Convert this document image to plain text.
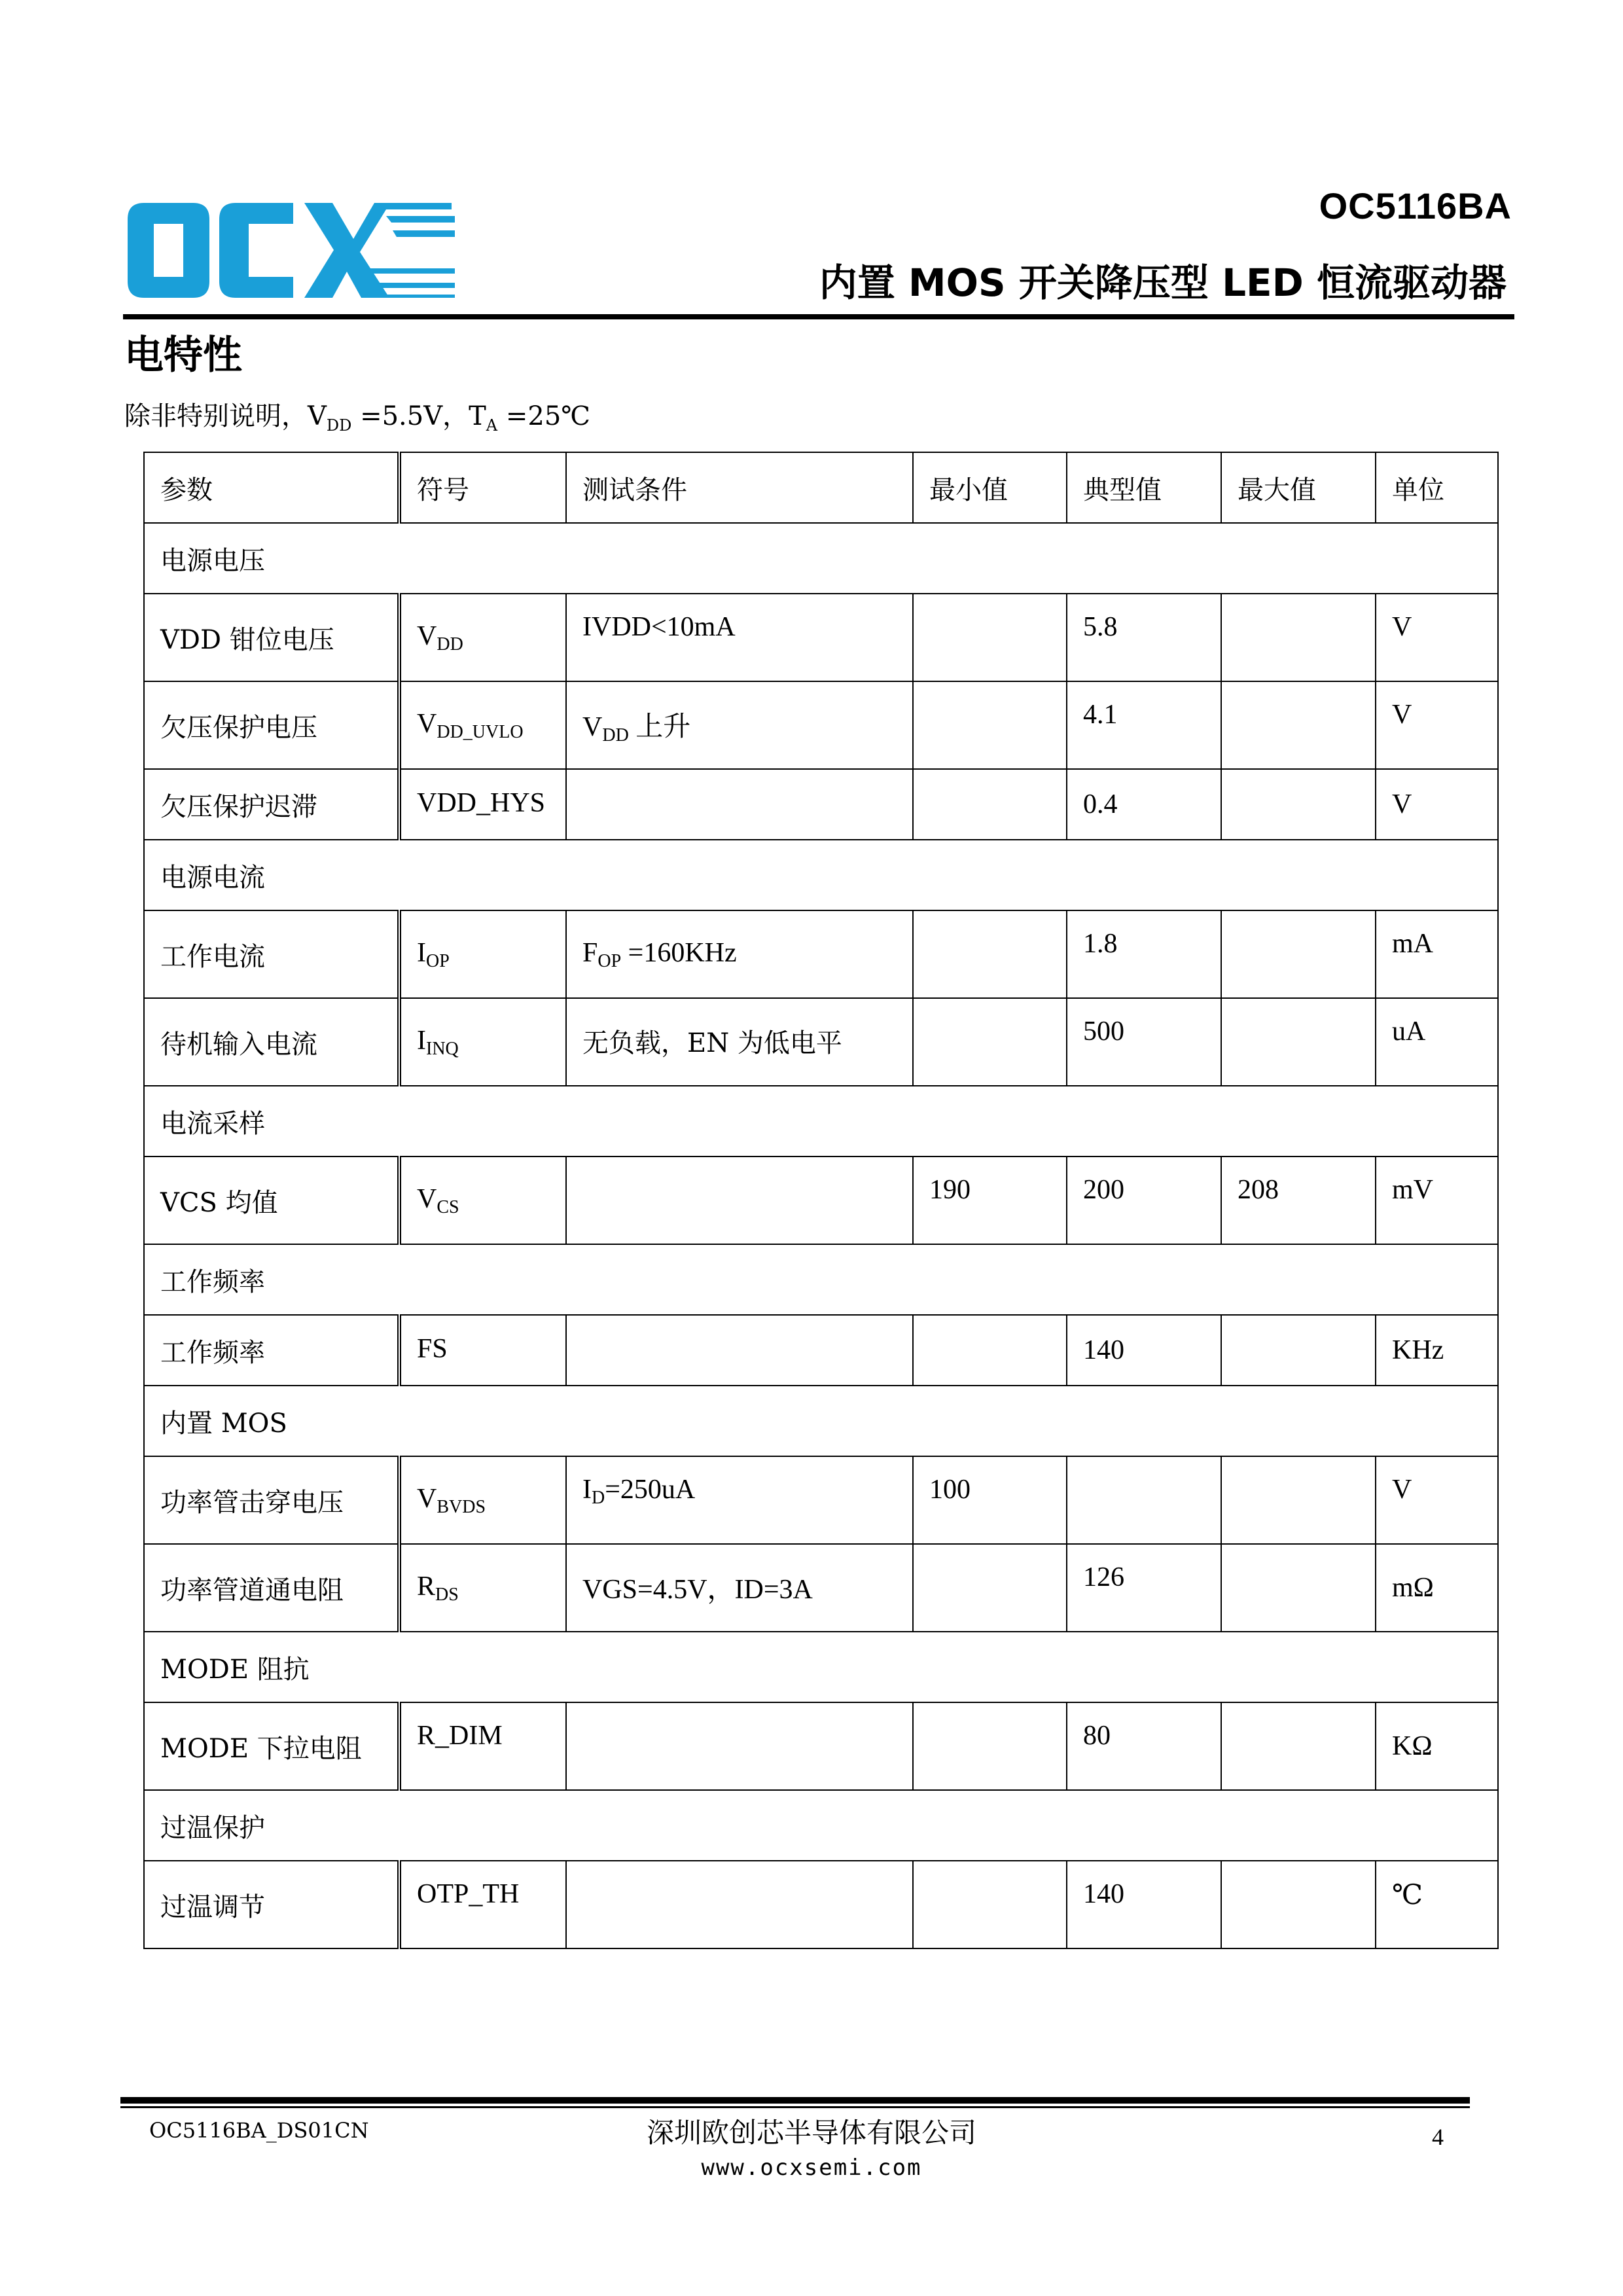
OC5116BA
内置 MOS 开关降压型 LED 恒流驱动器
电特性
除非特别说明，$V_{DD} =5.5V$，$T_A$ =25℃
参数	符号	测试条件	最小值	典型值	最大值	单位
电源电压						
VDD 钳位电压	$V_{DD}$	IVDD<10mA		5.8		V
欠压保护电压	$V_{DD\_UVLO}$	$V_{DD}$ 上升		4.1		V
欠压保护迟滞	VDD_HYS			0.4		V
电源电流						
工作电流	$I_{OP}$	$F_{OP} =160KHz$		1.8		mA
待机输入电流	$I_{INQ}$	无负载，EN 为低电平		500		uA
电流采样						
VCS 均值	$V_{CS}$		190	200	208	mV
工作频率						
工作频率	FS			140		KHz
内置 MOS						
功率管击穿电压	$V_{BVDS}$	$I_D=250uA$	100			V
功率管道通电阻	$R_{DS}$	VGS=4.5V，ID=3A		126		mΩ
MODE 阻抗						
MODE 下拉电阻	R_DIM			80		KΩ
过温保护						
过温调节	OTP_TH			140		℃
OC5116BA_DS01CN	深圳欧创芯半导体有限公司
www.ocxsemi.com
4
